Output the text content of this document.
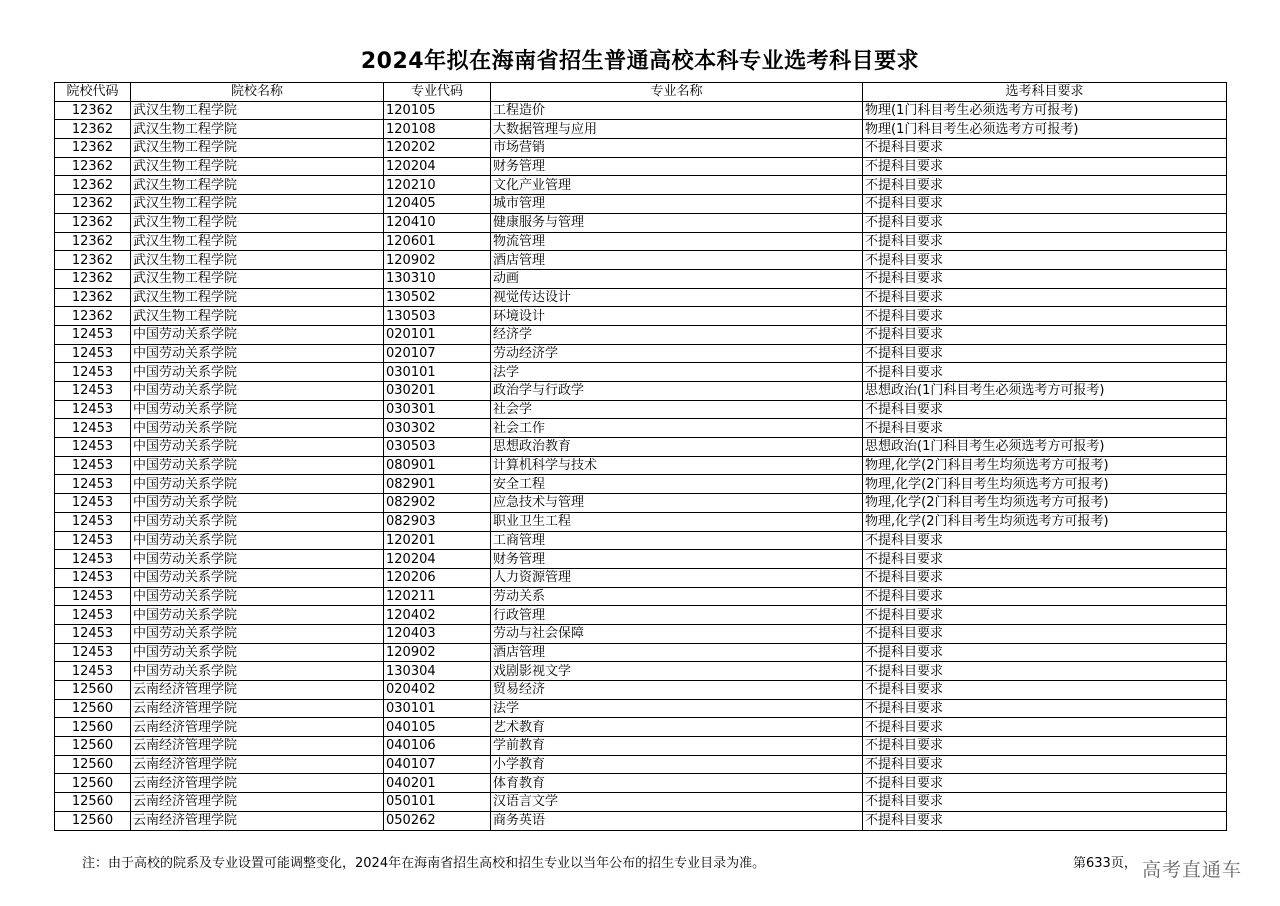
2024年拟在海南省招生普通高校本科专业选考科目要求
院校代码	院校名称	专业代码	专业名称	选考科目要求
12362	武汉生物工程学院	120105	工程造价	物理(1门科目考生必须选考方可报考)
12362	武汉生物工程学院	120108	大数据管理与应用	物理(1门科目考生必须选考方可报考)
12362	武汉生物工程学院	120202	市场营销	不提科目要求
12362	武汉生物工程学院	120204	财务管理	不提科目要求
12362	武汉生物工程学院	120210	文化产业管理	不提科目要求
12362	武汉生物工程学院	120405	城市管理	不提科目要求
12362	武汉生物工程学院	120410	健康服务与管理	不提科目要求
12362	武汉生物工程学院	120601	物流管理	不提科目要求
12362	武汉生物工程学院	120902	酒店管理	不提科目要求
12362	武汉生物工程学院	130310	动画	不提科目要求
12362	武汉生物工程学院	130502	视觉传达设计	不提科目要求
12362	武汉生物工程学院	130503	环境设计	不提科目要求
12453	中国劳动关系学院	020101	经济学	不提科目要求
12453	中国劳动关系学院	020107	劳动经济学	不提科目要求
12453	中国劳动关系学院	030101	法学	不提科目要求
12453	中国劳动关系学院	030201	政治学与行政学	思想政治(1门科目考生必须选考方可报考)
12453	中国劳动关系学院	030301	社会学	不提科目要求
12453	中国劳动关系学院	030302	社会工作	不提科目要求
12453	中国劳动关系学院	030503	思想政治教育	思想政治(1门科目考生必须选考方可报考)
12453	中国劳动关系学院	080901	计算机科学与技术	物理,化学(2门科目考生均须选考方可报考)
12453	中国劳动关系学院	082901	安全工程	物理,化学(2门科目考生均须选考方可报考)
12453	中国劳动关系学院	082902	应急技术与管理	物理,化学(2门科目考生均须选考方可报考)
12453	中国劳动关系学院	082903	职业卫生工程	物理,化学(2门科目考生均须选考方可报考)
12453	中国劳动关系学院	120201	工商管理	不提科目要求
12453	中国劳动关系学院	120204	财务管理	不提科目要求
12453	中国劳动关系学院	120206	人力资源管理	不提科目要求
12453	中国劳动关系学院	120211	劳动关系	不提科目要求
12453	中国劳动关系学院	120402	行政管理	不提科目要求
12453	中国劳动关系学院	120403	劳动与社会保障	不提科目要求
12453	中国劳动关系学院	120902	酒店管理	不提科目要求
12453	中国劳动关系学院	130304	戏剧影视文学	不提科目要求
12560	云南经济管理学院	020402	贸易经济	不提科目要求
12560	云南经济管理学院	030101	法学	不提科目要求
12560	云南经济管理学院	040105	艺术教育	不提科目要求
12560	云南经济管理学院	040106	学前教育	不提科目要求
12560	云南经济管理学院	040107	小学教育	不提科目要求
12560	云南经济管理学院	040201	体育教育	不提科目要求
12560	云南经济管理学院	050101	汉语言文学	不提科目要求
12560	云南经济管理学院	050262	商务英语	不提科目要求
注：由于高校的院系及专业设置可能调整变化，2024年在海南省招生高校和招生专业以当年公布的招生专业目录为准。	第633页， 高考直通车
